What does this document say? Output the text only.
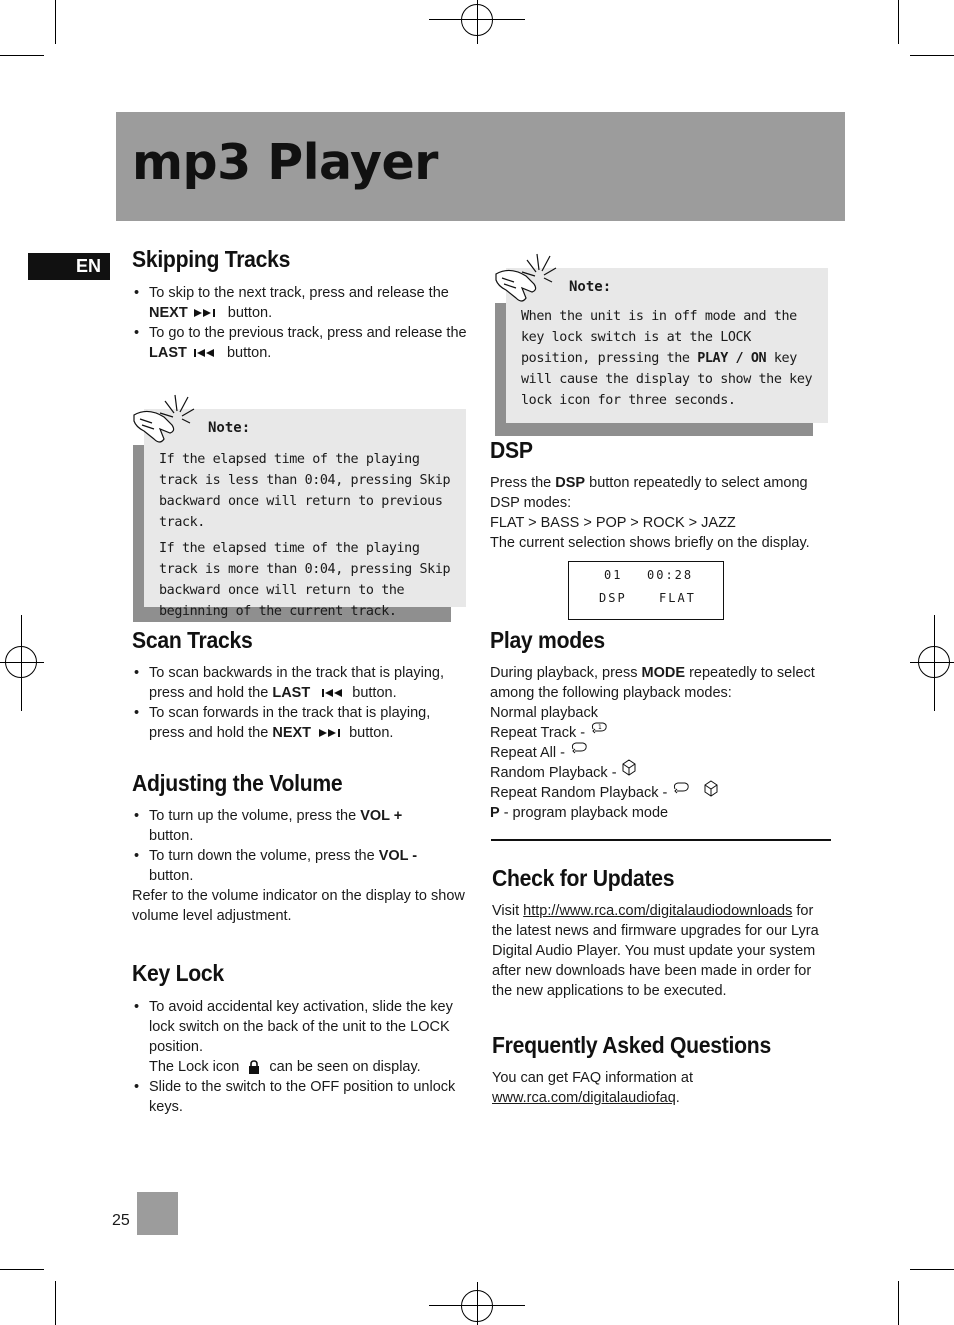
mp3 Player
EN	Skipping Tracks
• To skip to the next track, press and release the NEXT	button.
• To go to the previous track, press and release the LAST	button.
Note:

If the elapsed time of the playing track is less than 0:04, pressing Skip backward once will return to previous track.

If the elapsed time of the playing track is more than 0:04, pressing Skip backward once will return to the beginning of the current track.

Scan Tracks
• To scan backwards in the track that is playing, press and hold the LAST	button.
• To scan forwards in the track that is playing, press and hold the NEXT	button.
Adjusting the Volume
• To turn up the volume, press the VOL +
button.
• To turn down the volume, press the VOL -
button.

Refer to the volume indicator on the display to show volume level adjustment.

Key Lock
• To avoid accidental key activation, slide the key lock switch on the back of the unit to the LOCK position.
The Lock icon can be seen on display.
• Slide to the switch to the OFF position to unlock keys.
Note:

When the unit is in off mode and the key lock switch is at the LOCK position, pressing the PLAY / ON key will cause the display to show the key lock icon for three seconds.

DSP

Press the DSP button repeatedly to select among DSP modes:

FLAT > BASS > POP > ROCK > JAZZ

The current selection shows briefly on the display.

01 00:28
DSP	FLAT
Play modes

During playback, press MODE repeatedly to select among the following playback modes:

Normal playback

Repeat Track - 1

Repeat All -

Random Playback -

Repeat Random Playback -

P - program playback mode

Check for Updates

Visit http://www.rca.com/digitalaudiodownloads for the latest news and firmware upgrades for our Lyra Digital Audio Player. You must update your system after new downloads have been made in order for the new applications to be executed.

Frequently Asked Questions

You can get FAQ information at

www.rca.com/digitalaudiofaq.

25
